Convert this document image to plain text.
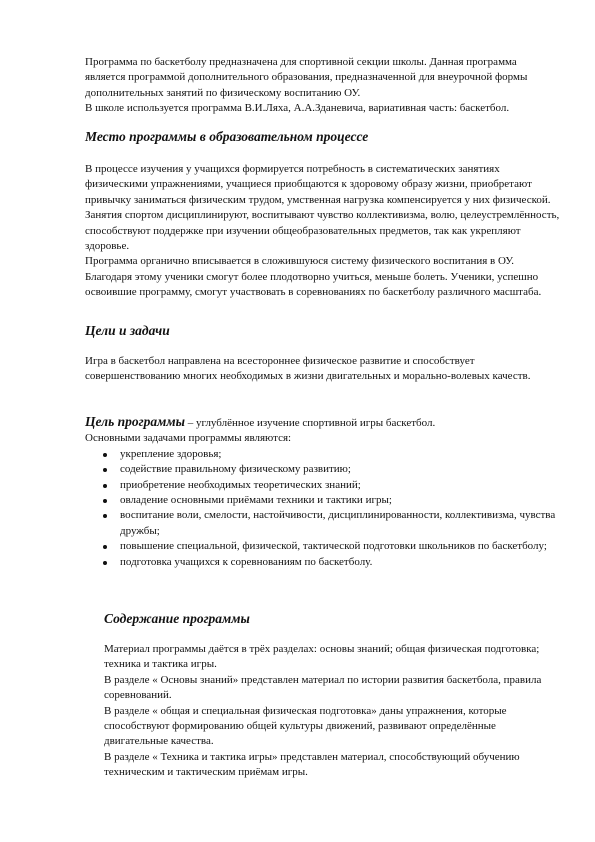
Программа по баскетболу предназначена для спортивной секции школы. Данная программа является программой дополнительного образования, предназначенной для внеурочной формы дополнительных занятий по физическому воспитанию ОУ.

В школе используется программа В.И.Ляха, А.А.Зданевича, вариативная часть: баскетбол.

Место программы в образовательном процессе

В процессе изучения у учащихся формируется потребность в систематических занятиях физическими упражнениями, учащиеся приобщаются к здоровому образу жизни, приобретают привычку заниматься физическим трудом, умственная нагрузка компенсируется у них физической. Занятия спортом дисциплинируют, воспитывают чувство коллективизма, волю, целеустремлённость, способствуют поддержке при изучении общеобразовательных предметов, так как укрепляют здоровье.

Программа органично вписывается в сложившуюся систему физического воспитания в ОУ. Благодаря этому ученики смогут более плодотворно учиться, меньше болеть. Ученики, успешно освоившие программу, смогут участвовать в соревнованиях по баскетболу различного масштаба.

Цели и задачи

Игра в баскетбол направлена на всестороннее физическое развитие и способствует совершенствованию многих необходимых в жизни двигательных и морально-волевых качеств.

Цель программы – углублённое изучение спортивной игры баскетбол.

Основными задачами программы являются:

укрепление здоровья;
содействие правильному физическому развитию;
приобретение необходимых теоретических знаний;
овладение основными приёмами техники и тактики игры;
воспитание воли, смелости, настойчивости, дисциплинированности, коллективизма, чувства дружбы;
повышение специальной, физической, тактической подготовки школьников по баскетболу;
подготовка учащихся к соревнованиям по баскетболу.
Содержание программы

Материал программы даётся в трёх разделах: основы знаний; общая физическая подготовка; техника и тактика игры.

В разделе « Основы знаний» представлен материал по истории развития баскетбола, правила соревнований.

В разделе « общая и специальная физическая подготовка» даны упражнения, которые способствуют формированию общей культуры движений, развивают определённые двигательные качества.

В разделе « Техника и тактика игры» представлен материал, способствующий обучению техническим и тактическим приёмам игры.
